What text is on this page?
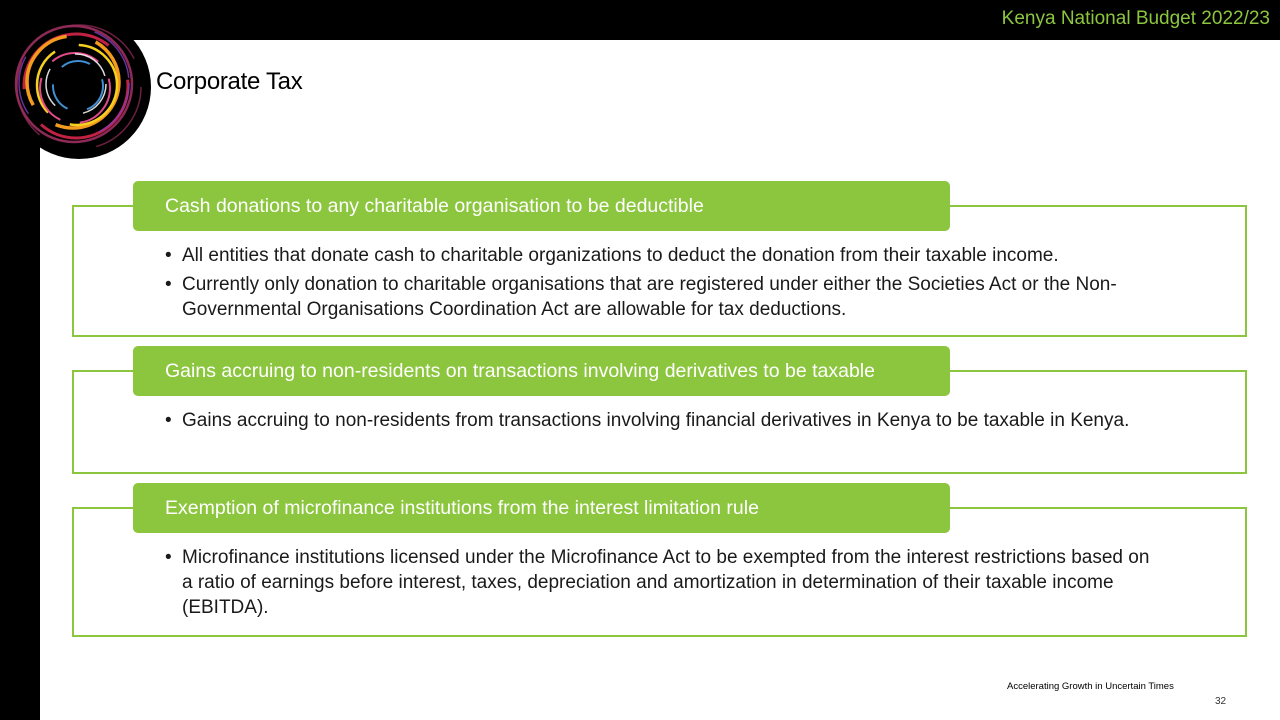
Kenya National Budget 2022/23
Corporate Tax
Cash donations to any charitable organisation to be deductible
• All entities that donate cash to charitable organizations to deduct the donation from their taxable income.
• Currently only donation to charitable organisations that are registered under either the Societies Act or the Non-Governmental Organisations Coordination Act are allowable for tax deductions.
Gains accruing to non-residents on transactions involving derivatives to be taxable
• Gains accruing to non-residents from transactions involving financial derivatives in Kenya to be taxable in Kenya.
Exemption of microfinance institutions from the interest limitation rule
• Microfinance institutions licensed under the Microfinance Act to be exempted from the interest restrictions based on a ratio of earnings before interest, taxes, depreciation and amortization in determination of their taxable income (EBITDA).
Accelerating Growth in Uncertain Times
32
